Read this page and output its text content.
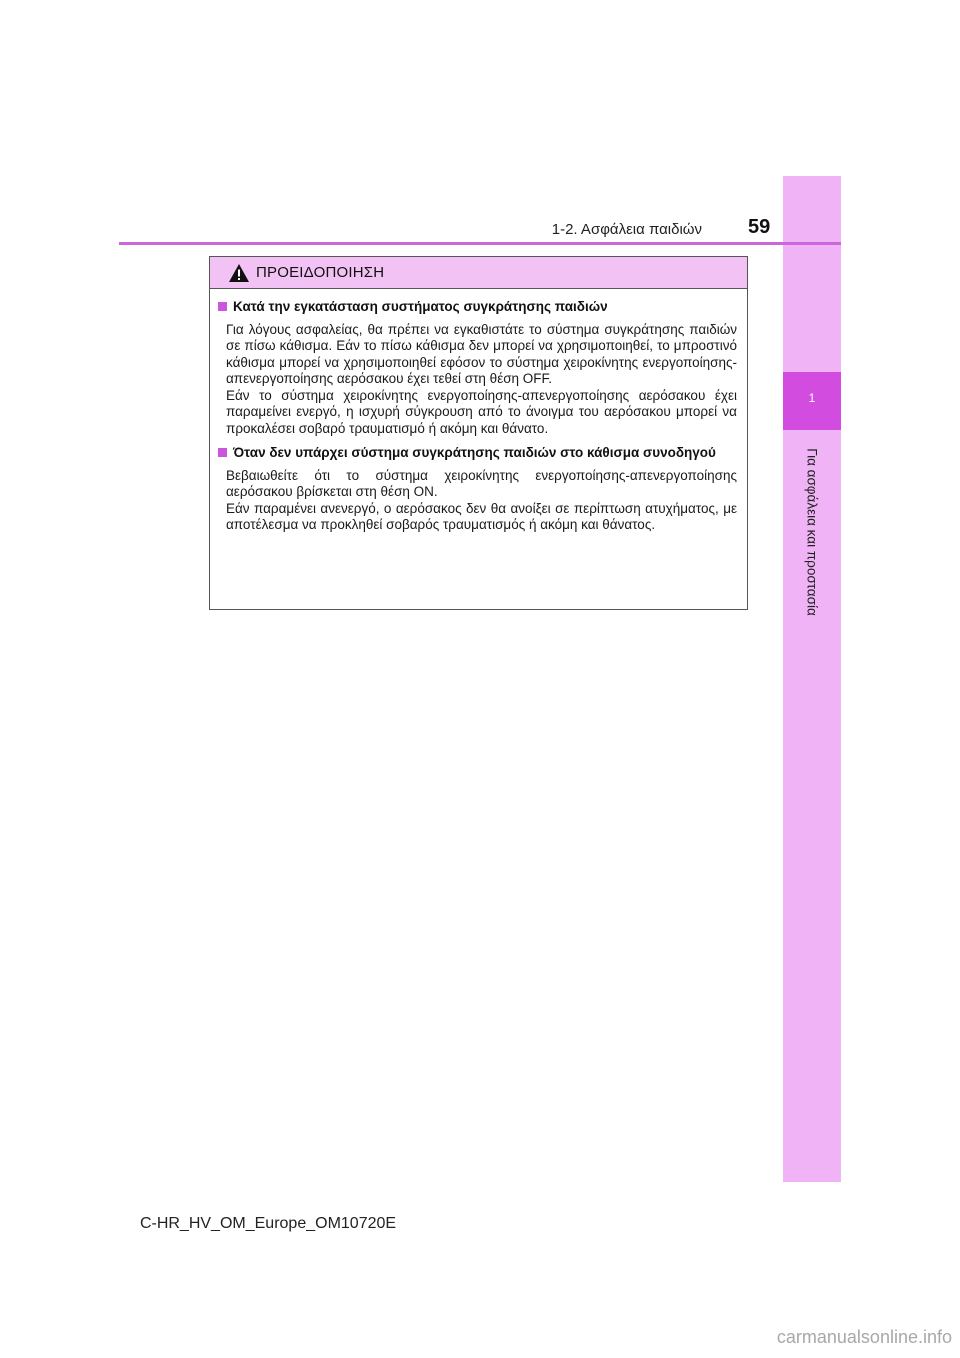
1
Για ασφάλεια και προστασία
1-2. Ασφάλεια παιδιών 59
ΠΡΟΕΙΔΟΠΟΙΗΣΗ
Κατά την εγκατάσταση συστήματος συγκράτησης παιδιών

Για λόγους ασφαλείας, θα πρέπει να εγκαθιστάτε το σύστημα συγκράτησης παιδιών σε πίσω κάθισμα. Εάν το πίσω κάθισμα δεν μπορεί να χρησιμοποιηθεί, το μπροστινό κάθισμα μπορεί να χρησιμοποιηθεί εφόσον το σύστημα χειροκίνητης ενεργοποίησης-απενεργοποίησης αερόσακου έχει τεθεί στη θέση OFF.

Εάν το σύστημα χειροκίνητης ενεργοποίησης-απενεργοποίησης αερόσακου έχει παραμείνει ενεργό, η ισχυρή σύγκρουση από το άνοιγμα του αερόσακου μπορεί να προκαλέσει σοβαρό τραυματισμό ή ακόμη και θάνατο.

Όταν δεν υπάρχει σύστημα συγκράτησης παιδιών στο κάθισμα συνοδηγού

Βεβαιωθείτε ότι το σύστημα χειροκίνητης ενεργοποίησης-απενεργοποίησης αερόσακου βρίσκεται στη θέση ON.

Εάν παραμένει ανενεργό, ο αερόσακος δεν θα ανοίξει σε περίπτωση ατυχήματος, με αποτέλεσμα να προκληθεί σοβαρός τραυματισμός ή ακόμη και θάνατος.

C-HR_HV_OM_Europe_OM10720E
carmanualsonline.info
